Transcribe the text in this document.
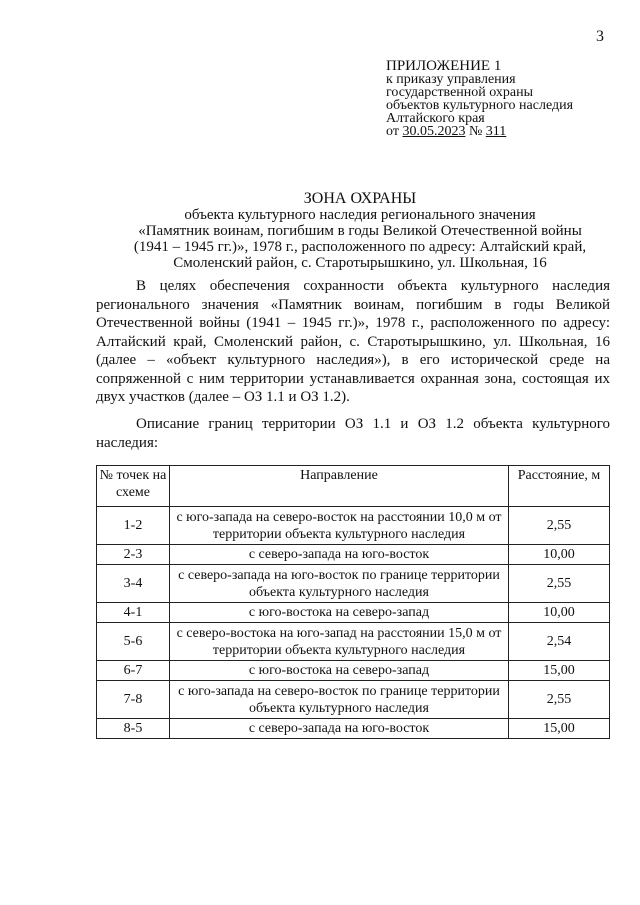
3
ПРИЛОЖЕНИЕ 1
к приказу управления
государственной охраны
объектов культурного наследия
Алтайского края
от 30.05.2023 № 311
ЗОНА ОХРАНЫ
объекта культурного наследия регионального значения
«Памятник воинам, погибшим в годы Великой Отечественной войны
(1941 – 1945 гг.)», 1978 г., расположенного по адресу: Алтайский край,
Смоленский район, с. Старотырышкино, ул. Школьная, 16

В целях обеспечения сохранности объекта культурного наследия регионального значения «Памятник воинам, погибшим в годы Великой Отечественной войны (1941 – 1945 гг.)», 1978 г., расположенного по адресу: Алтайский край, Смоленский район, с. Старотырышкино, ул. Школьная, 16 (далее – «объект культурного наследия»), в его исторической среде на сопряженной с ним территории устанавливается охранная зона, состоящая их двух участков (далее – ОЗ 1.1 и ОЗ 1.2).

Описание границ территории ОЗ 1.1 и ОЗ 1.2 объекта культурного наследия:

№ точек на схеме	Направление	Расстояние, м
1-2	с юго-запада на северо-восток на расстоянии 10,0 м от территории объекта культурного наследия	2,55
2-3	с северо-запада на юго-восток	10,00
3-4	с северо-запада на юго-восток по границе территории объекта культурного наследия	2,55
4-1	с юго-востока на северо-запад	10,00
5-6	с северо-востока на юго-запад на расстоянии 15,0 м от территории объекта культурного наследия	2,54
6-7	с юго-востока на северо-запад	15,00
7-8	с юго-запада на северо-восток по границе территории объекта культурного наследия	2,55
8-5	с северо-запада на юго-восток	15,00
